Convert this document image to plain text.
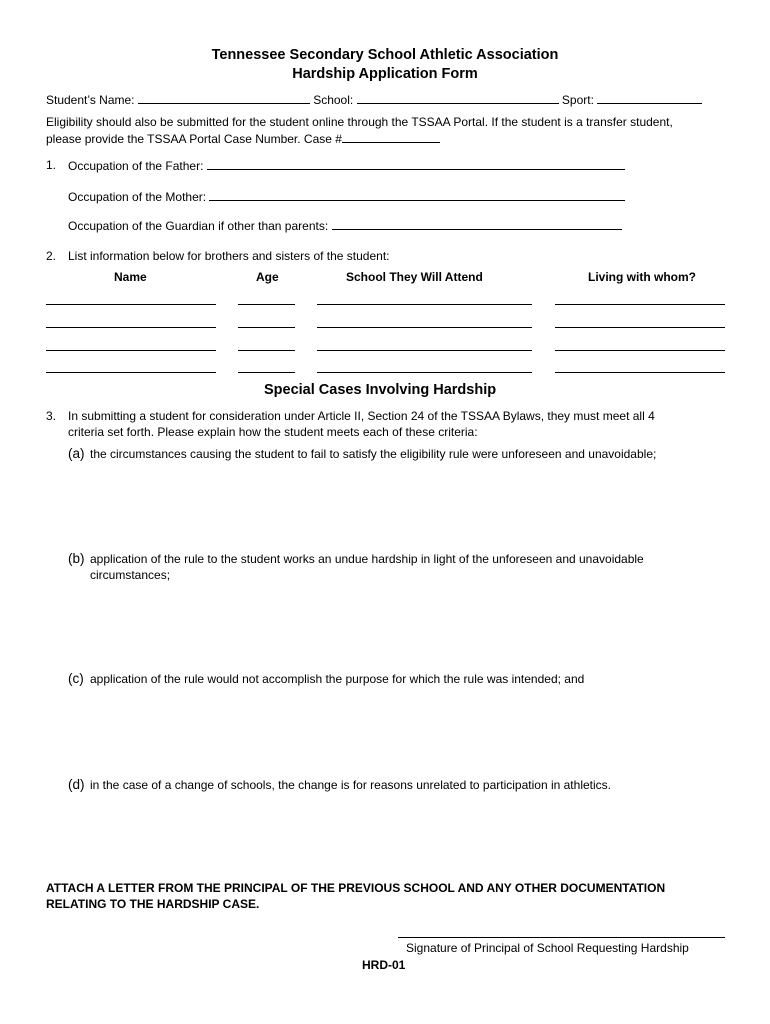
Tennessee Secondary School Athletic Association
Hardship Application Form
Student’s Name:	School:	Sport:
Eligibility should also be submitted for the student online through the TSSAA Portal. If the student is a transfer student,
please provide the TSSAA Portal Case Number. Case #
1. Occupation of the Father:
Occupation of the Mother:
Occupation of the Guardian if other than parents:
2. List information below for brothers and sisters of the student:
Name	Age	School They Will Attend	Living with whom?
Special Cases Involving Hardship
3. In submitting a student for consideration under Article II, Section 24 of the TSSAA Bylaws, they must meet all 4
criteria set forth. Please explain how the student meets each of these criteria:
(a) the circumstances causing the student to fail to satisfy the eligibility rule were unforeseen and unavoidable;
(b) application of the rule to the student works an undue hardship in light of the unforeseen and unavoidable
circumstances;
(c) application of the rule would not accomplish the purpose for which the rule was intended; and
(d) in the case of a change of schools, the change is for reasons unrelated to participation in athletics.
ATTACH A LETTER FROM THE PRINCIPAL OF THE PREVIOUS SCHOOL AND ANY OTHER DOCUMENTATION
RELATING TO THE HARDSHIP CASE.
Signature of Principal of School Requesting Hardship
HRD-01
